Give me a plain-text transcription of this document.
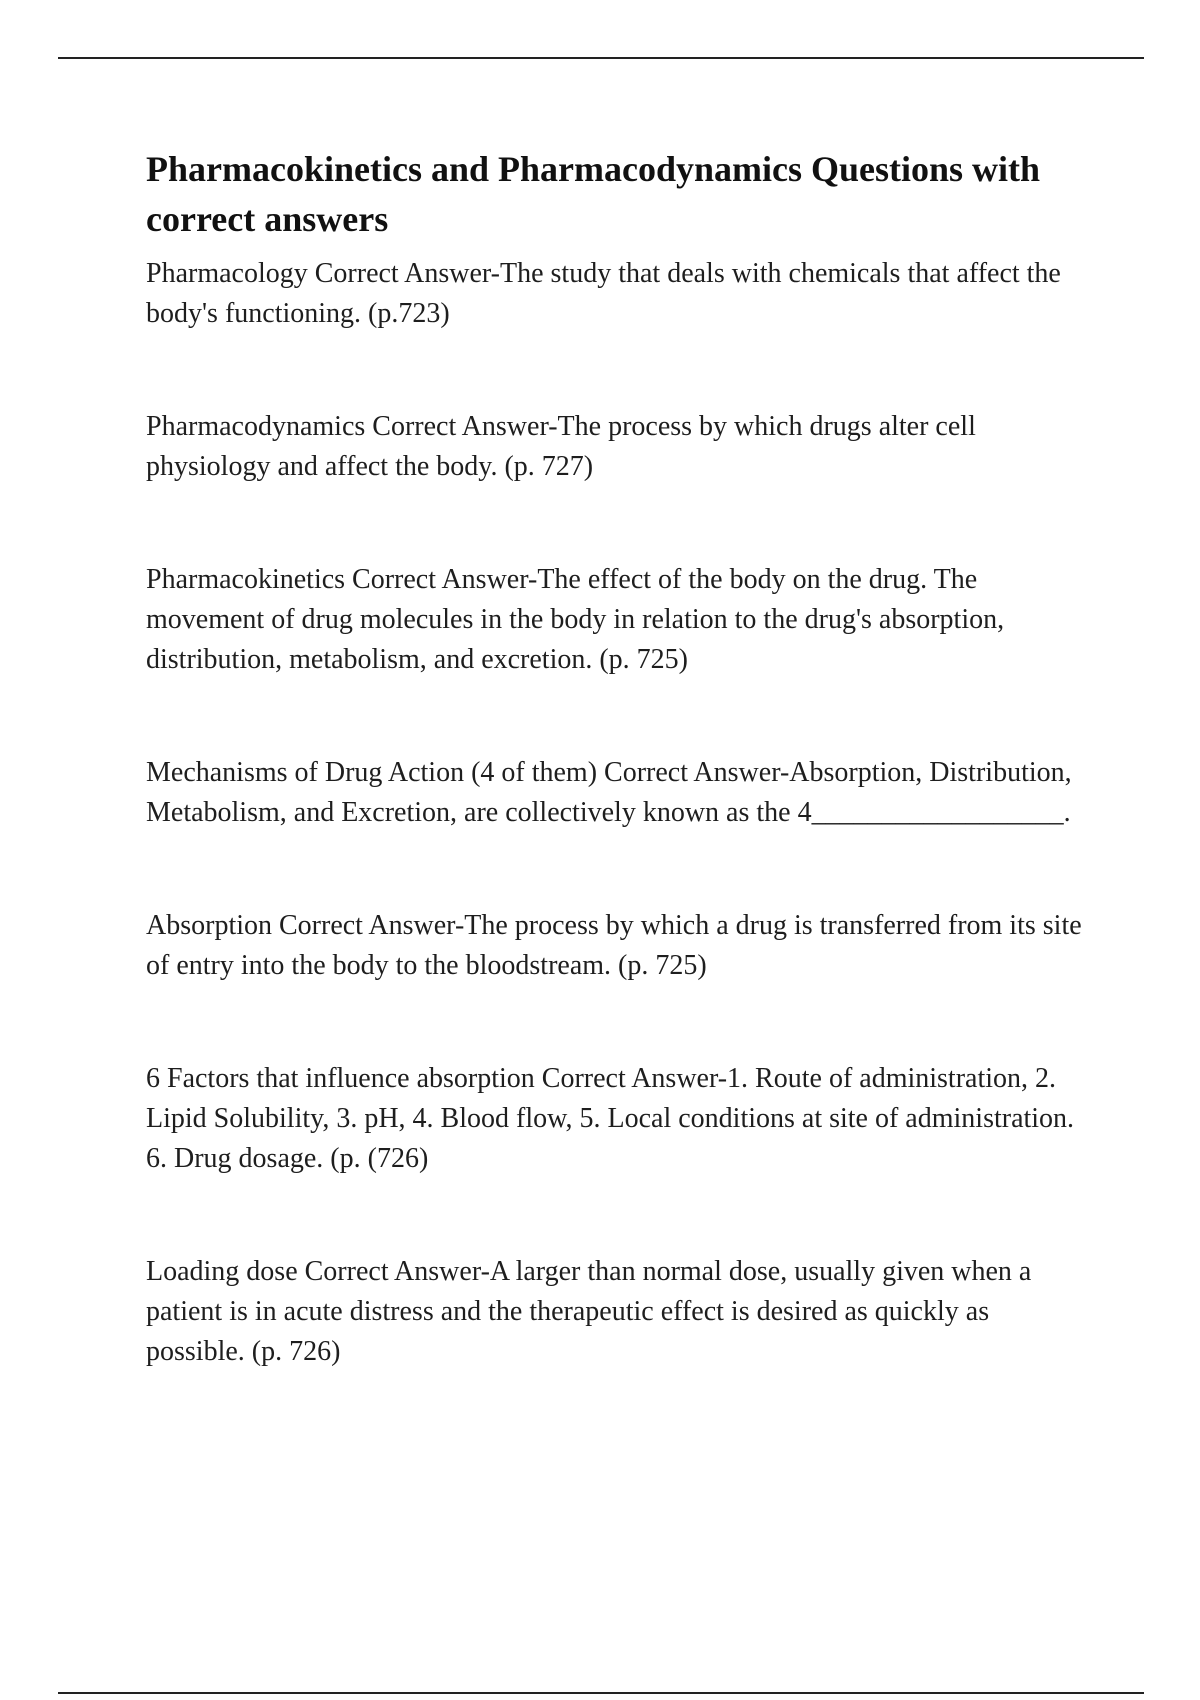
Pharmacokinetics and Pharmacodynamics Questions with correct answers

Pharmacology Correct Answer-The study that deals with chemicals that affect the body's functioning. (p.723)

Pharmacodynamics Correct Answer-The process by which drugs alter cell physiology and affect the body. (p. 727)

Pharmacokinetics Correct Answer-The effect of the body on the drug. The movement of drug molecules in the body in relation to the drug's absorption, distribution, metabolism, and excretion. (p. 725)

Mechanisms of Drug Action (4 of them) Correct Answer-Absorption, Distribution, Metabolism, and Excretion, are collectively known as the 4__________________.

Absorption Correct Answer-The process by which a drug is transferred from its site of entry into the body to the bloodstream. (p. 725)

6 Factors that influence absorption Correct Answer-1. Route of administration, 2. Lipid Solubility, 3. pH, 4. Blood flow, 5. Local conditions at site of administration. 6. Drug dosage. (p. (726)

Loading dose Correct Answer-A larger than normal dose, usually given when a patient is in acute distress and the therapeutic effect is desired as quickly as possible. (p. 726)
